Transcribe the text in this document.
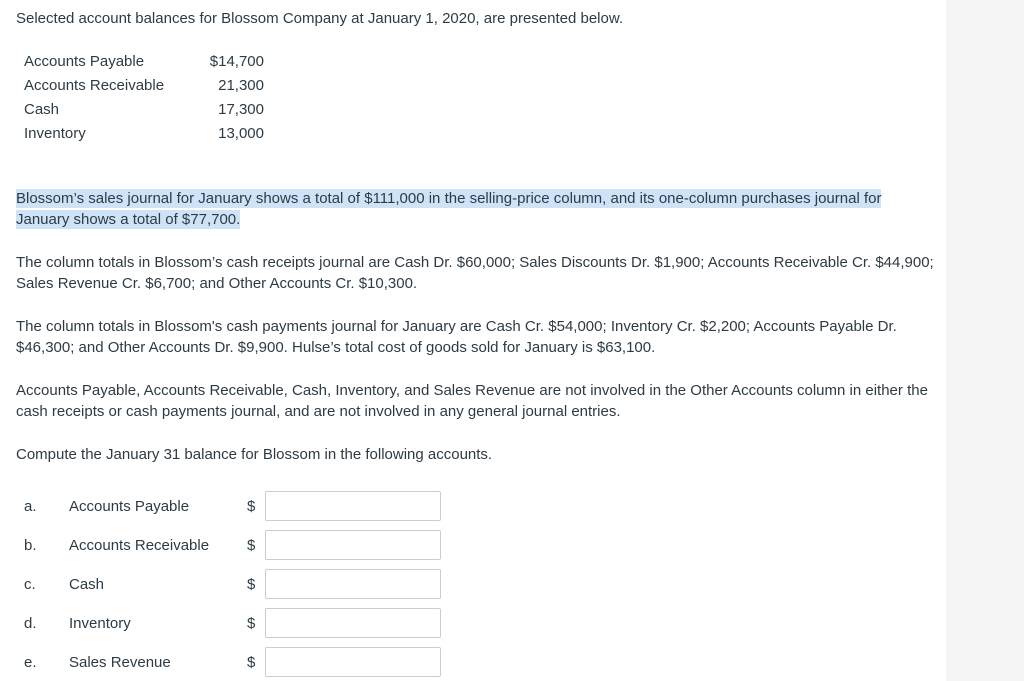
Selected account balances for Blossom Company at January 1, 2020, are presented below.
Accounts Payable	$14,700
Accounts Receivable	21,300
Cash	17,300
Inventory	13,000
Blossom’s sales journal for January shows a total of $111,000 in the selling-price column, and its one-column purchases journal for January shows a total of $77,700.
The column totals in Blossom’s cash receipts journal are Cash Dr. $60,000; Sales Discounts Dr. $1,900; Accounts Receivable Cr. $44,900; Sales Revenue Cr. $6,700; and Other Accounts Cr. $10,300.
The column totals in Blossom's cash payments journal for January are Cash Cr. $54,000; Inventory Cr. $2,200; Accounts Payable Dr. $46,300; and Other Accounts Dr. $9,900. Hulse’s total cost of goods sold for January is $63,100.
Accounts Payable, Accounts Receivable, Cash, Inventory, and Sales Revenue are not involved in the Other Accounts column in either the cash receipts or cash payments journal, and are not involved in any general journal entries.
Compute the January 31 balance for Blossom in the following accounts.
a. Accounts Payable	$
b. Accounts Receivable	$
c. Cash	$
d. Inventory	$
e. Sales Revenue	$
